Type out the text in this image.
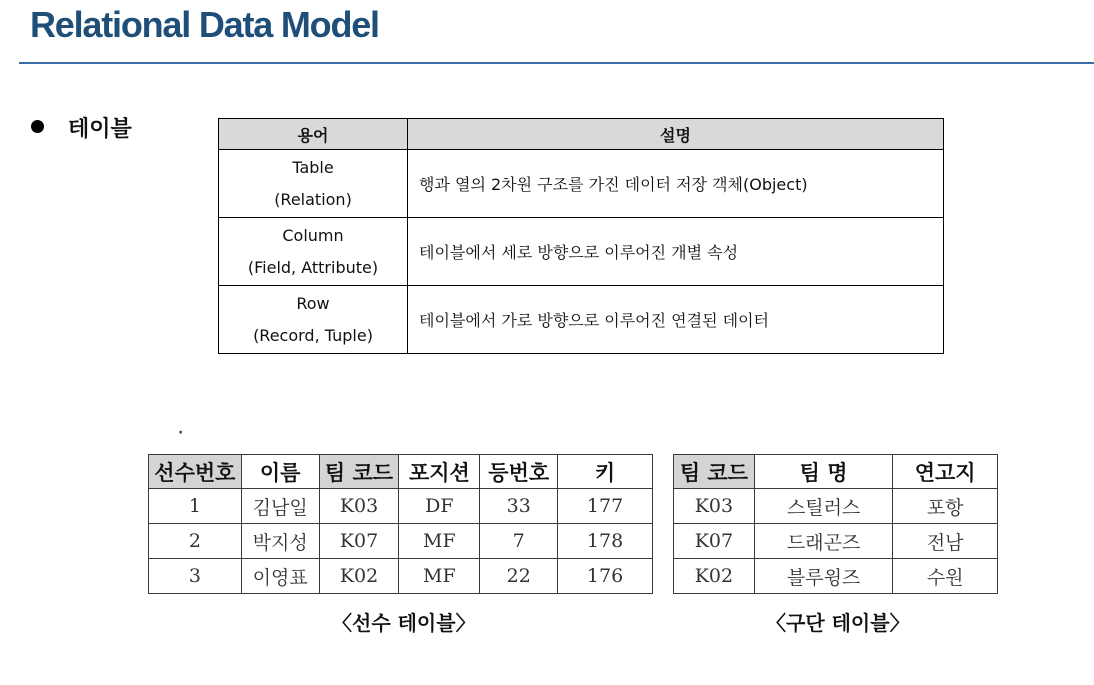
Relational Data Model
테이블	용어	설명

Table
(Relation)	행과 열의 2차원 구조를 가진 데이터 저장 객체(Object)

Column
(Field, Attribute)	테이블에서 세로 방향으로 이루어진 개별 속성

Row
(Record, Tuple)	테이블에서 가로 방향으로 이루어진 연결된 데이터
·
선수번호	이름	팀 코드	포지션	등번호	키
1	김남일	K03	DF	33	177
2	박지성	K07	MF	7	178
3	이영표	K02	MF	22	176
〈선수 테이블〉
팀 코드	팀 명	연고지
K03	스틸러스	포항
K07	드래곤즈	전남
K02	블루윙즈	수원
〈구단 테이블〉
